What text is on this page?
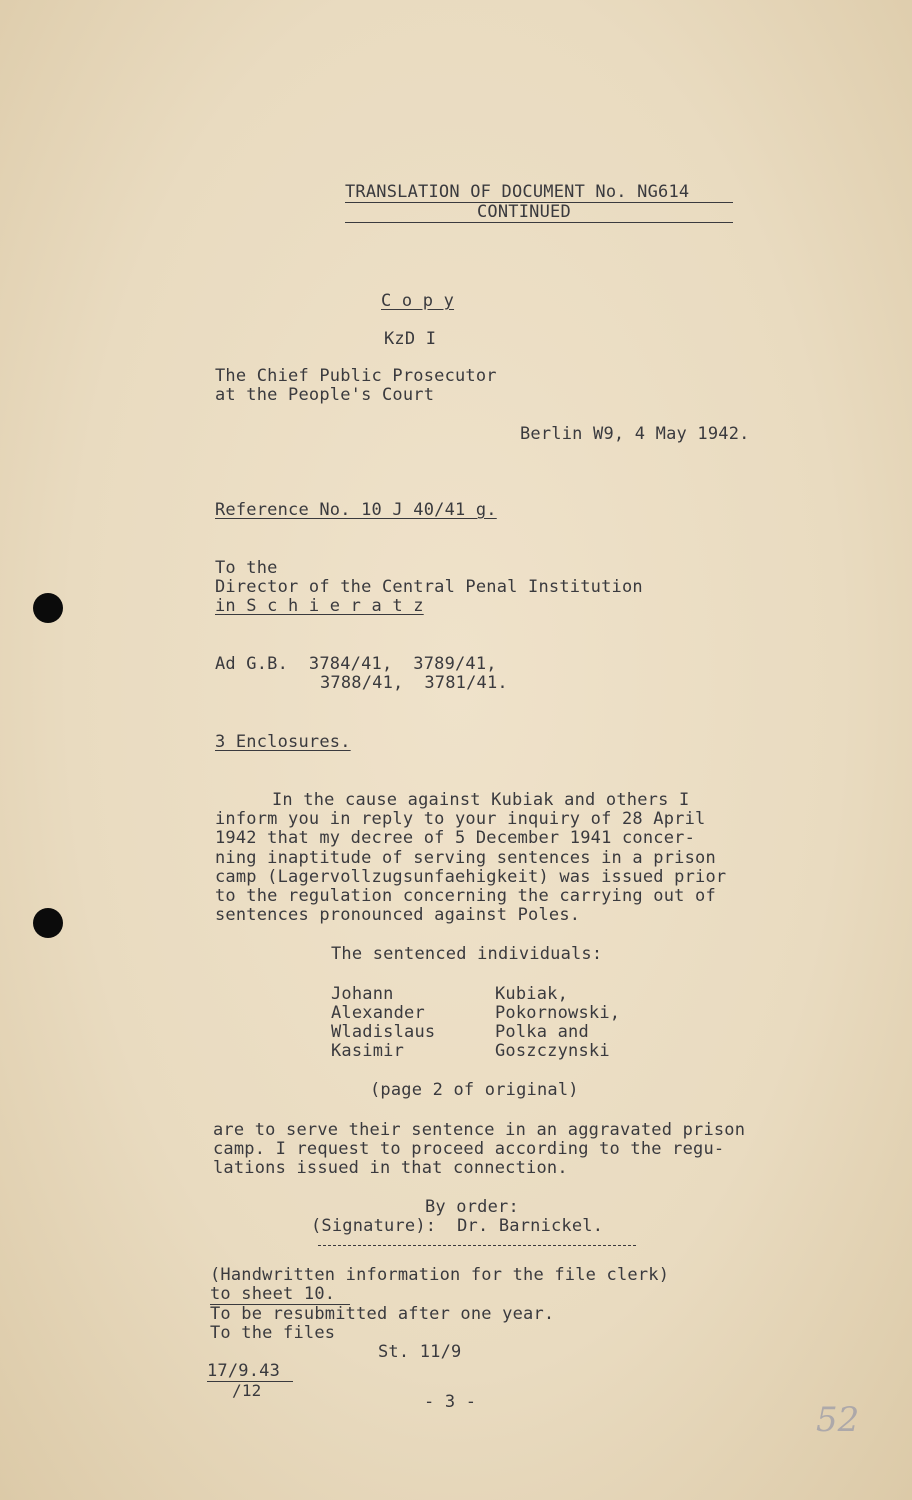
TRANSLATION OF DOCUMENT No. NG614
CONTINUED
C o p y
KzD I
The Chief Public Prosecutor
at the People's Court
Berlin W9, 4 May 1942.
Reference No. 10 J 40/41 g.
To the
Director of the Central Penal Institution
in S c h i e r a t z
Ad G.B.  3784/41,  3789/41,
3788/41,  3781/41.
3 Enclosures.
In the cause against Kubiak and others I
inform you in reply to your inquiry of 28 April
1942 that my decree of 5 December 1941 concer-
ning inaptitude of serving sentences in a prison
camp (Lagervollzugsunfaehigkeit) was issued prior
to the regulation concerning the carrying out of
sentences pronounced against Poles.
The sentenced individuals:
Johann	Kubiak,
Alexander	Pokornowski,
Wladislaus	Polka and
Kasimir	Goszczynski
(page 2 of original)
are to serve their sentence in an aggravated prison
camp. I request to proceed according to the regu-
lations issued in that connection.
By order:
(Signature):  Dr. Barnickel.
(Handwritten information for the file clerk)
to sheet 10.
To be resubmitted after one year.
To the files
St. 11/9
17/9.43
/12
- 3 -	52
